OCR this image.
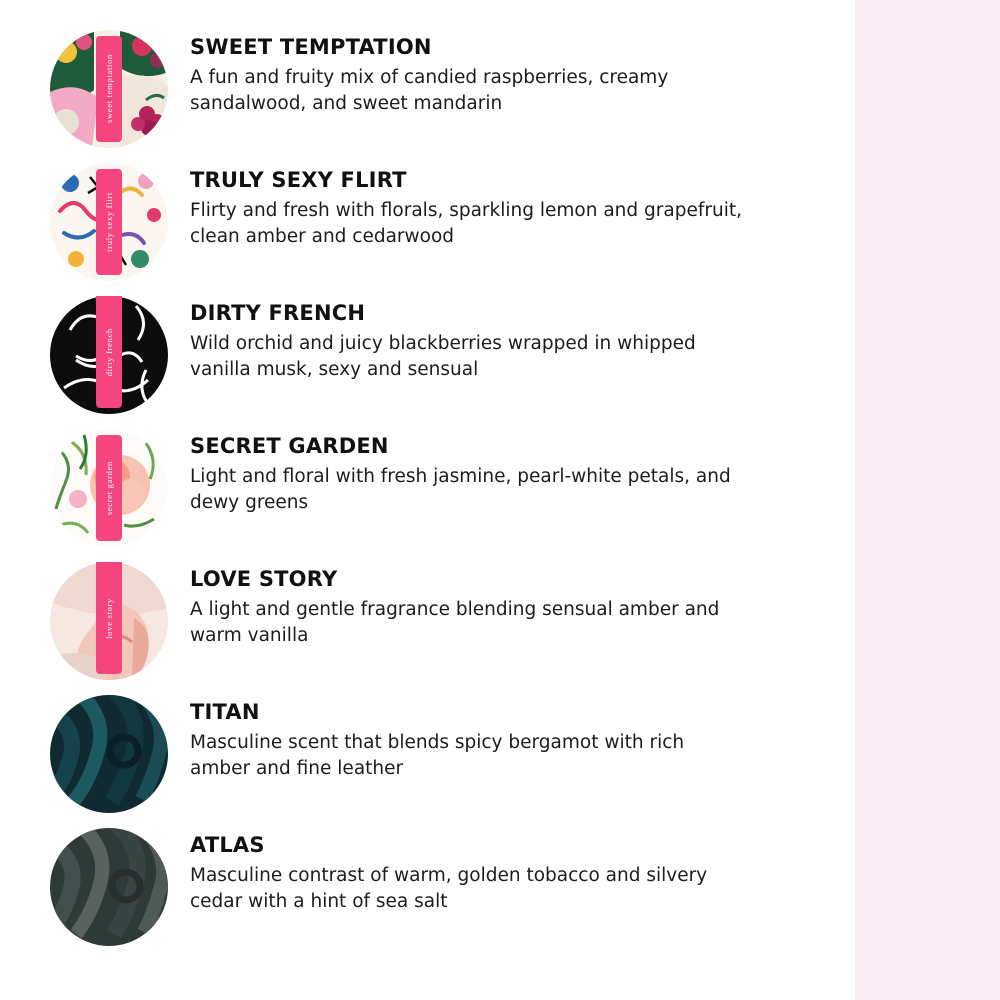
sweet temptation
SWEET TEMPTATION

A fun and fruity mix of candied raspberries, creamy sandalwood, and sweet mandarin

truly sexy flirt
TRULY SEXY FLIRT

Flirty and fresh with florals, sparkling lemon and grapefruit, clean amber and cedarwood

dirty french
DIRTY FRENCH

Wild orchid and juicy blackberries wrapped in whipped vanilla musk, sexy and sensual

secret garden
SECRET GARDEN

Light and floral with fresh jasmine, pearl-white petals, and dewy greens

love story
LOVE STORY

A light and gentle fragrance blending sensual amber and warm vanilla

TITAN

Masculine scent that blends spicy bergamot with rich amber and fine leather

ATLAS

Masculine contrast of warm, golden tobacco and silvery cedar with a hint of sea salt
